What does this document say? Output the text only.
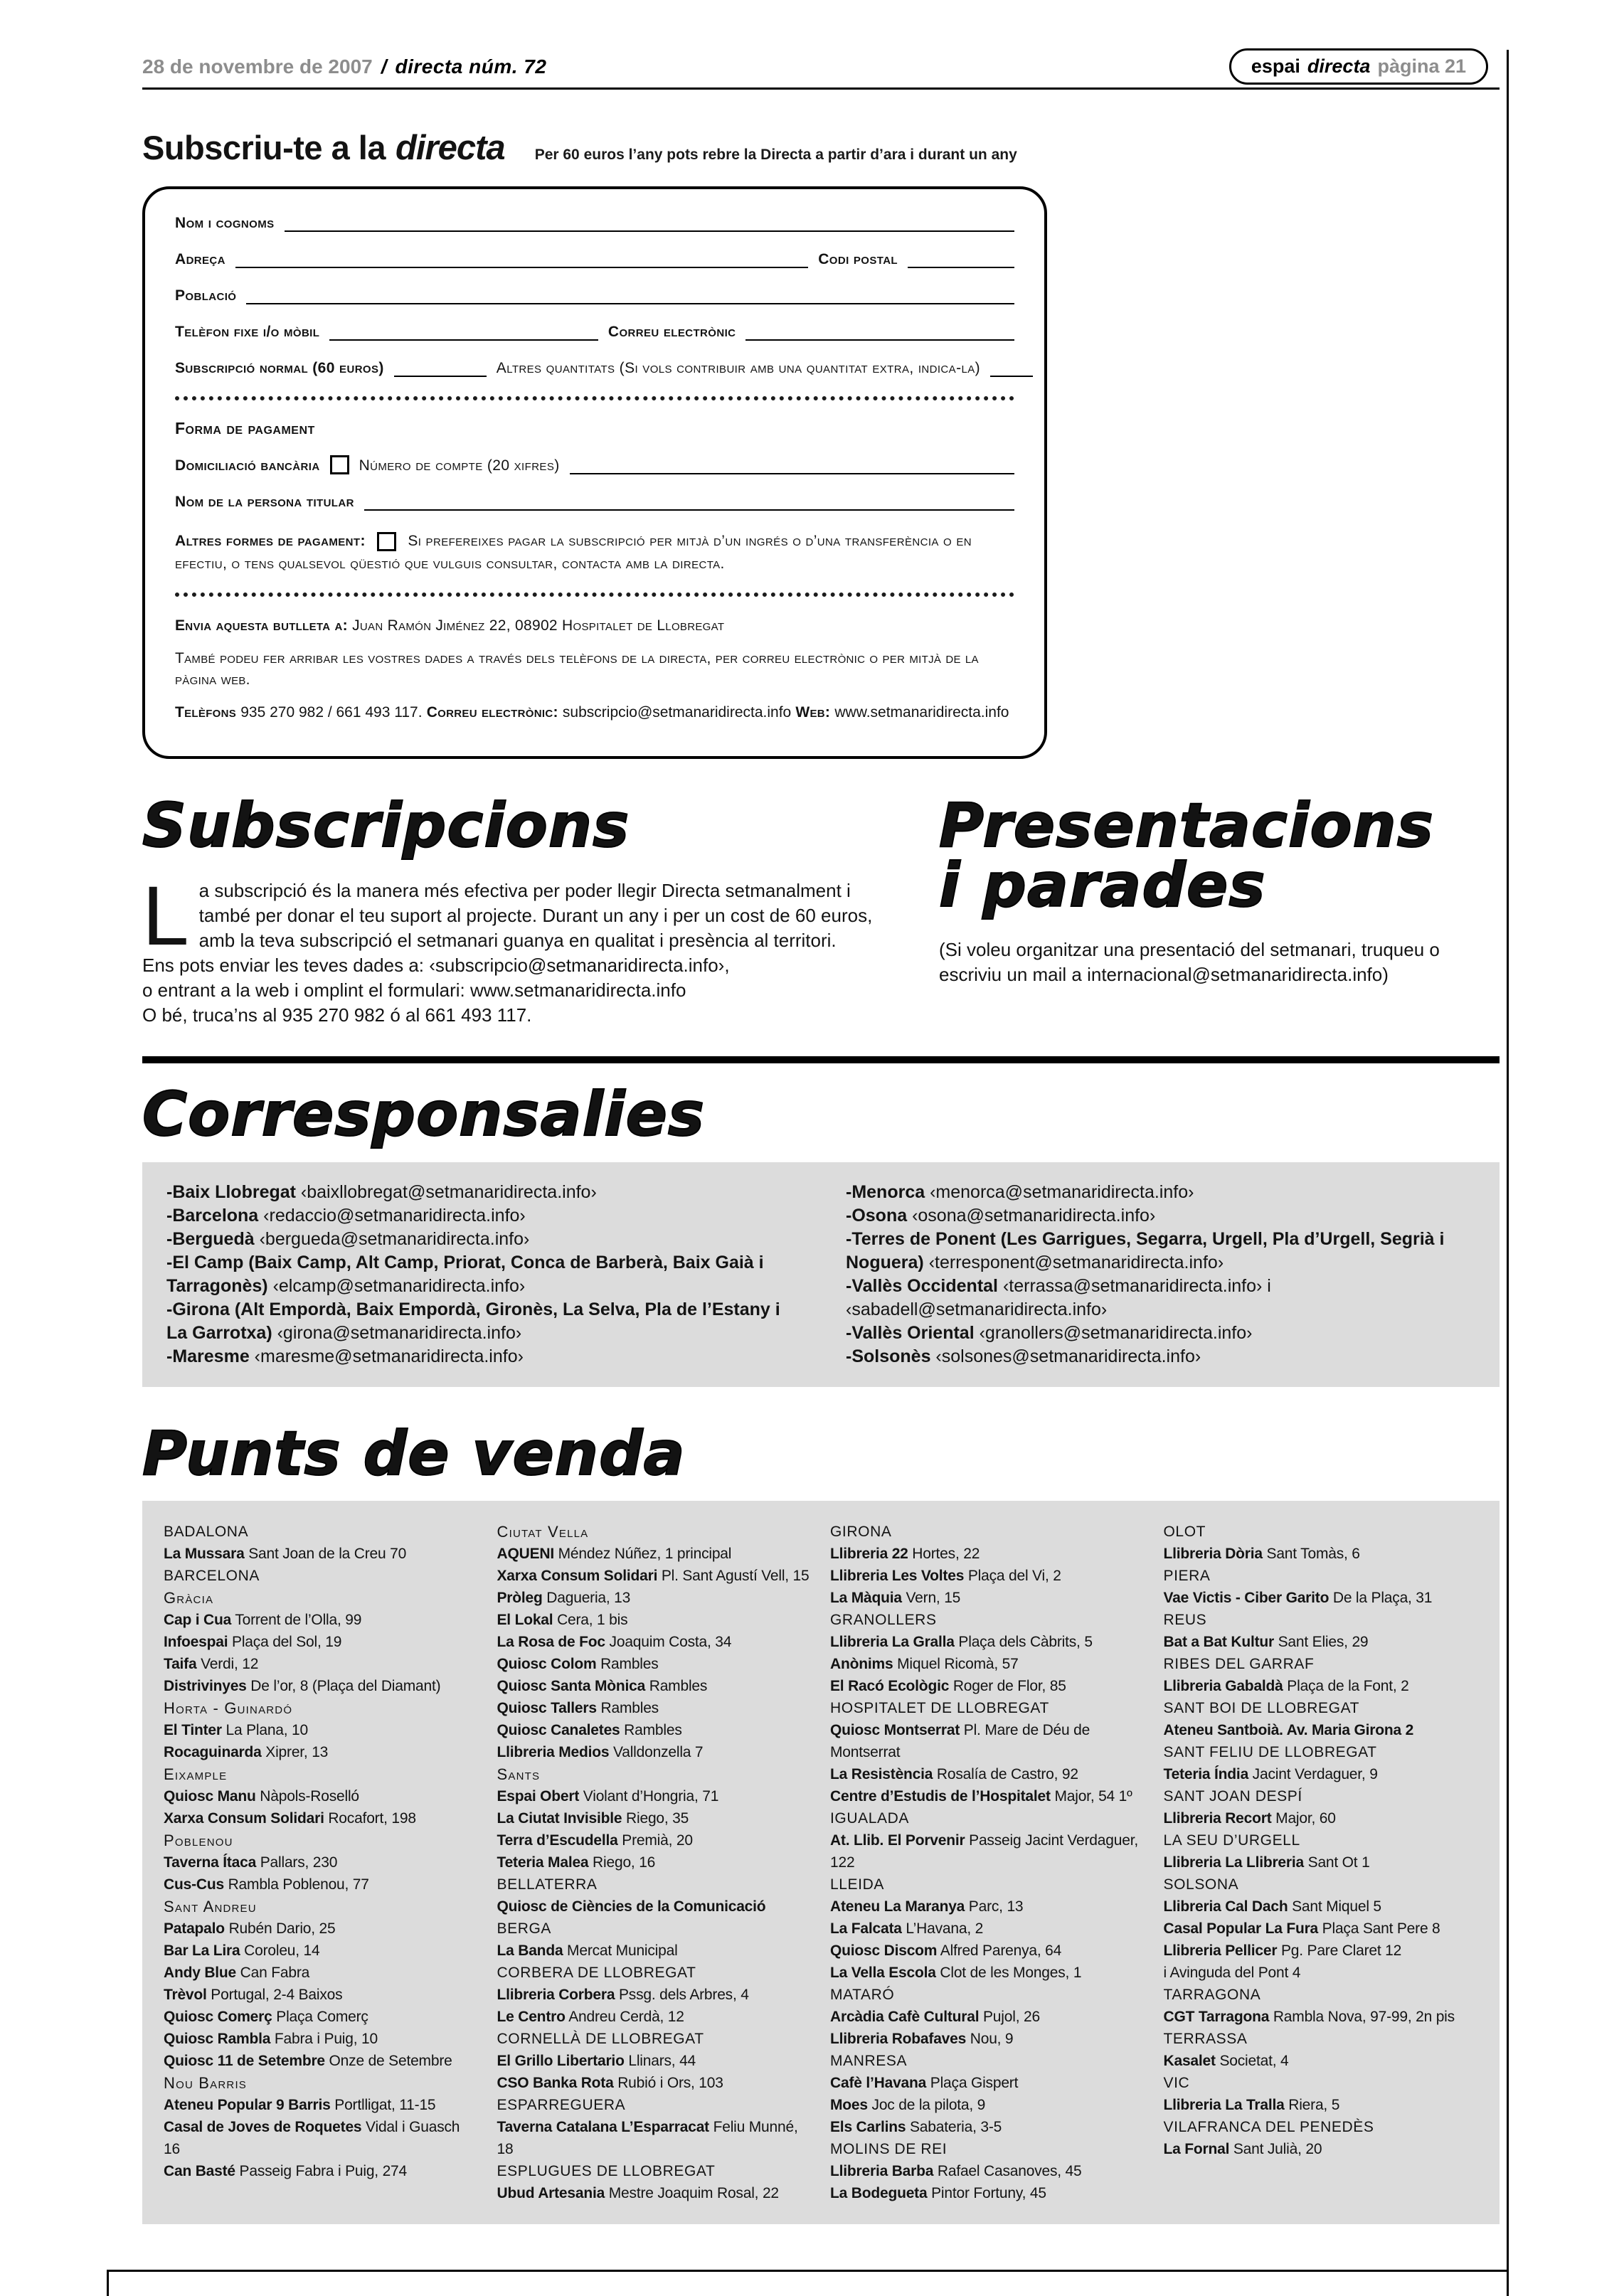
28 de novembre de 2007 / directa núm. 72	espai directa pàgina 21
Subscriu-te a la directa Per 60 euros l’any pots rebre la Directa a partir d’ara i durant un any
Nom i cognoms
Adreça	Codi postal
Població
Telèfon fixe i/o mòbil	Correu electrònic
Subscripció normal (60 euros)	Altres quantitats (Si vols contribuir amb una quantitat extra, indica-la)
Forma de pagament
Domiciliació bancària	Número de compte (20 xifres)
Nom de la persona titular
Altres formes de pagament:	Si prefereixes pagar la subscripció per mitjà d’un ingrés o d’una transferència o en efectiu, o tens qualsevol qüestió que vulguis consultar, contacta amb la directa.
Envia aquesta butlleta a: Juan Ramón Jiménez 22, 08902 Hospitalet de Llobregat
També podeu fer arribar les vostres dades a través dels telèfons de la directa, per correu electrònic o per mitjà de la pàgina web.
Telèfons 935 270 982 / 661 493 117. Correu electrònic: subscripcio@setmanaridirecta.info Web: www.setmanaridirecta.info
Subscripcions
La subscripció és la manera més efectiva per poder llegir Directa setmanalment i també per donar el teu suport al projecte. Durant un any i per un cost de 60 euros, amb la teva subscripció el setmanari guanya en qualitat i presència al territori.
Ens pots enviar les teves dades a: ‹subscripcio@setmanaridirecta.info›,
o entrant a la web i omplint el formulari: www.setmanaridirecta.info
O bé, truca’ns al 935 270 982 ó al 661 493 117.
Presentacions
i parades
(Si voleu organitzar una presentació del setmanari, truqueu o escriviu un mail a internacional@setmanaridirecta.info)
Corresponsalies
-Baix Llobregat ‹baixllobregat@setmanaridirecta.info›
-Barcelona ‹redaccio@setmanaridirecta.info›
-Berguedà ‹bergueda@setmanaridirecta.info›
-El Camp (Baix Camp, Alt Camp, Priorat, Conca de Barberà, Baix Gaià i Tarragonès) ‹elcamp@setmanaridirecta.info›
-Girona (Alt Empordà, Baix Empordà, Gironès, La Selva, Pla de l’Estany i La Garrotxa) ‹girona@setmanaridirecta.info›
-Maresme ‹maresme@setmanaridirecta.info›
-Menorca ‹menorca@setmanaridirecta.info›
-Osona ‹osona@setmanaridirecta.info›
-Terres de Ponent (Les Garrigues, Segarra, Urgell, Pla d’Urgell, Segrià i Noguera) ‹terresponent@setmanaridirecta.info›
-Vallès Occidental ‹terrassa@setmanaridirecta.info› i ‹sabadell@setmanaridirecta.info›
-Vallès Oriental ‹granollers@setmanaridirecta.info›
-Solsonès ‹solsones@setmanaridirecta.info›
Punts de venda
BADALONA
La Mussara Sant Joan de la Creu 70
BARCELONA
Gràcia
Cap i Cua Torrent de l’Olla, 99
Infoespai Plaça del Sol, 19
Taifa Verdi, 12
Distrivinyes De l’or, 8 (Plaça del Diamant)
Horta - Guinardó
El Tinter La Plana, 10
Rocaguinarda Xiprer, 13
Eixample
Quiosc Manu Nàpols-Roselló
Xarxa Consum Solidari Rocafort, 198
Poblenou
Taverna Ítaca Pallars, 230
Cus-Cus Rambla Poblenou, 77
Sant Andreu
Patapalo Rubén Dario, 25
Bar La Lira Coroleu, 14
Andy Blue Can Fabra
Trèvol Portugal, 2-4 Baixos
Quiosc Comerç Plaça Comerç
Quiosc Rambla Fabra i Puig, 10
Quiosc 11 de Setembre Onze de Setembre
Nou Barris
Ateneu Popular 9 Barris Portlligat, 11-15
Casal de Joves de Roquetes Vidal i Guasch 16
Can Basté Passeig Fabra i Puig, 274
Ciutat Vella
AQUENI Méndez Núñez, 1 principal
Xarxa Consum Solidari Pl. Sant Agustí Vell, 15
Pròleg Dagueria, 13
El Lokal Cera, 1 bis
La Rosa de Foc Joaquim Costa, 34
Quiosc Colom Rambles
Quiosc Santa Mònica Rambles
Quiosc Tallers Rambles
Quiosc Canaletes Rambles
Llibreria Medios Valldonzella 7
Sants
Espai Obert Violant d’Hongria, 71
La Ciutat Invisible Riego, 35
Terra d’Escudella Premià, 20
Teteria Malea Riego, 16
BELLATERRA
Quiosc de Ciències de la Comunicació
BERGA
La Banda Mercat Municipal
CORBERA DE LLOBREGAT
Llibreria Corbera Pssg. dels Arbres, 4
Le Centro Andreu Cerdà, 12
CORNELLÀ DE LLOBREGAT
El Grillo Libertario Llinars, 44
CSO Banka Rota Rubió i Ors, 103
ESPARREGUERA
Taverna Catalana L’Esparracat Feliu Munné, 18
ESPLUGUES DE LLOBREGAT
Ubud Artesania Mestre Joaquim Rosal, 22
GIRONA
Llibreria 22 Hortes, 22
Llibreria Les Voltes Plaça del Vi, 2
La Màquia Vern, 15
GRANOLLERS
Llibreria La Gralla Plaça dels Càbrits, 5
Anònims Miquel Ricomà, 57
El Racó Ecològic Roger de Flor, 85
HOSPITALET DE LLOBREGAT
Quiosc Montserrat Pl. Mare de Déu de Montserrat
La Resistència Rosalía de Castro, 92
Centre d’Estudis de l’Hospitalet Major, 54 1º
IGUALADA
At. Llib. El Porvenir Passeig Jacint Verdaguer, 122
LLEIDA
Ateneu La Maranya Parc, 13
La Falcata L’Havana, 2
Quiosc Discom Alfred Parenya, 64
La Vella Escola Clot de les Monges, 1
MATARÓ
Arcàdia Cafè Cultural Pujol, 26
Llibreria Robafaves Nou, 9
MANRESA
Cafè l’Havana Plaça Gispert
Moes Joc de la pilota, 9
Els Carlins Sabateria, 3-5
MOLINS DE REI
Llibreria Barba Rafael Casanoves, 45
La Bodegueta Pintor Fortuny, 45
OLOT
Llibreria Dòria Sant Tomàs, 6
PIERA
Vae Victis - Ciber Garito De la Plaça, 31
REUS
Bat a Bat Kultur Sant Elies, 29
RIBES DEL GARRAF
Llibreria Gabaldà Plaça de la Font, 2
SANT BOI DE LLOBREGAT
Ateneu Santboià. Av. Maria Girona 2
SANT FELIU DE LLOBREGAT
Teteria Índia Jacint Verdaguer, 9
SANT JOAN DESPÍ
Llibreria Recort Major, 60
LA SEU D’URGELL
Llibreria La Llibreria Sant Ot 1
SOLSONA
Llibreria Cal Dach Sant Miquel 5
Casal Popular La Fura Plaça Sant Pere 8
Llibreria Pellicer Pg. Pare Claret 12
i Avinguda del Pont 4
TARRAGONA
CGT Tarragona Rambla Nova, 97-99, 2n pis
TERRASSA
Kasalet Societat, 4
VIC
Llibreria La Tralla Riera, 5
VILAFRANCA DEL PENEDÈS
La Fornal Sant Julià, 20
